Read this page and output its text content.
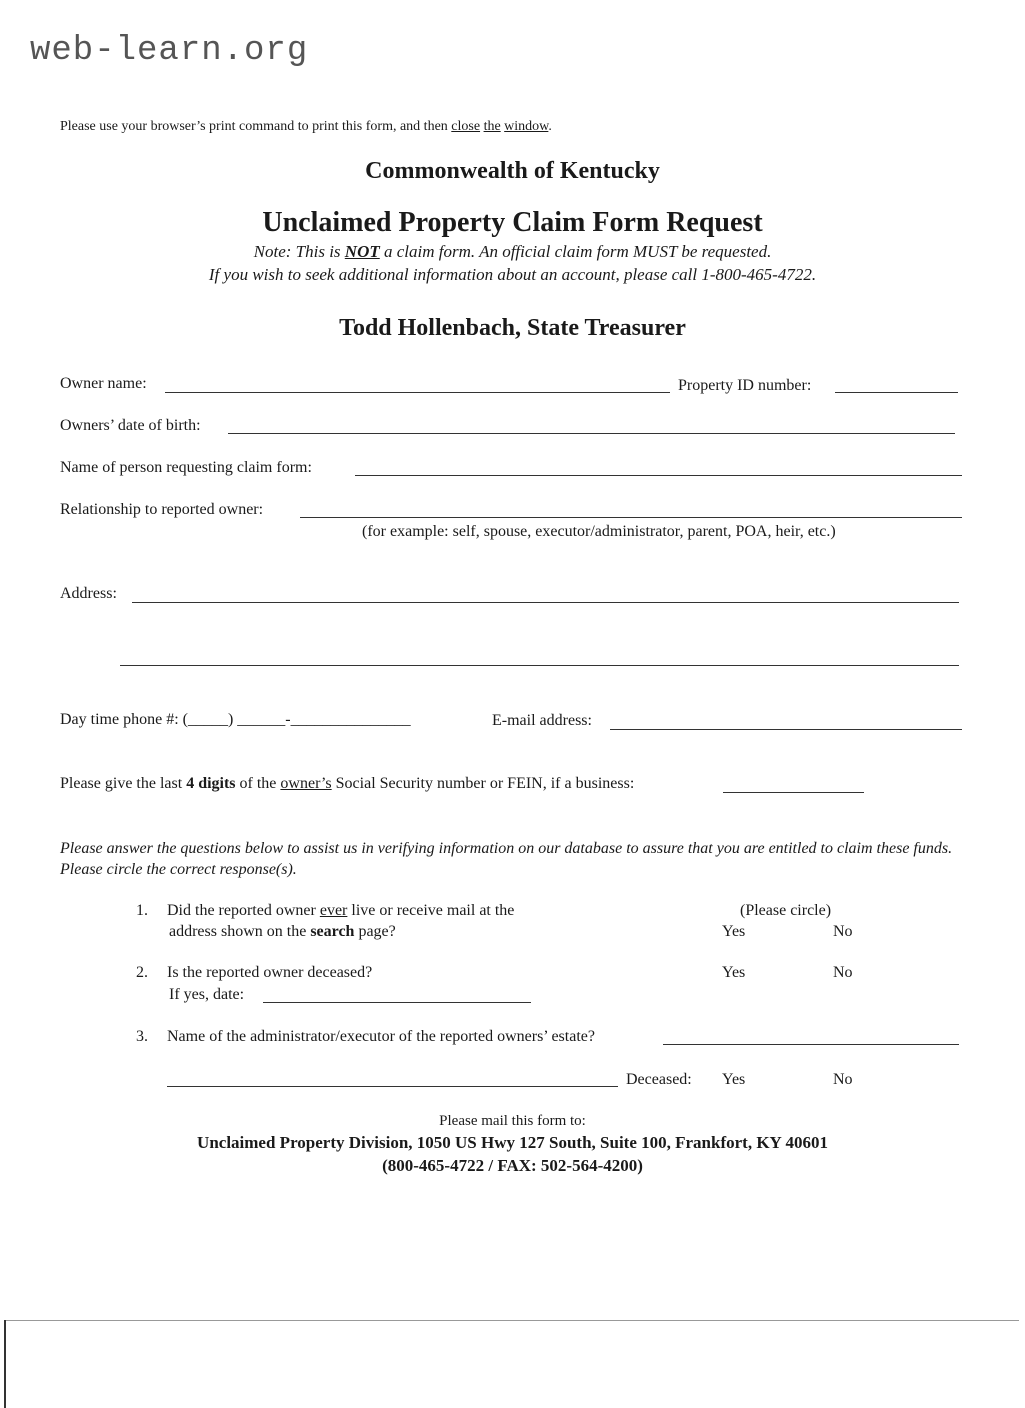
web-learn.org
Please use your browser’s print command to print this form, and then close the window.
Commonwealth of Kentucky
Unclaimed Property Claim Form Request
Note: This is NOT a claim form. An official claim form MUST be requested.
If you wish to seek additional information about an account, please call 1-800-465-4722.
Todd Hollenbach, State Treasurer
Owner name:	Property ID number:
Owners’ date of birth:
Name of person requesting claim form:
Relationship to reported owner:
(for example: self, spouse, executor/administrator, parent, POA, heir, etc.)
Address:
Day time phone #: (_____) ______-_______________	E-mail address:
Please give the last 4 digits of the owner’s Social Security number or FEIN, if a business:
Please answer the questions below to assist us in verifying information on our database to assure that you are entitled to claim these funds. Please circle the correct response(s).
1. Did the reported owner ever live or receive mail at the
address shown on the search page?
(Please circle)
Yes	No
2. Is the reported owner deceased?
If yes, date:
Yes	No
3. Name of the administrator/executor of the reported owners’ estate?
Deceased: Yes	No
Please mail this form to:
Unclaimed Property Division, 1050 US Hwy 127 South, Suite 100, Frankfort, KY 40601
(800-465-4722 / FAX: 502-564-4200)
